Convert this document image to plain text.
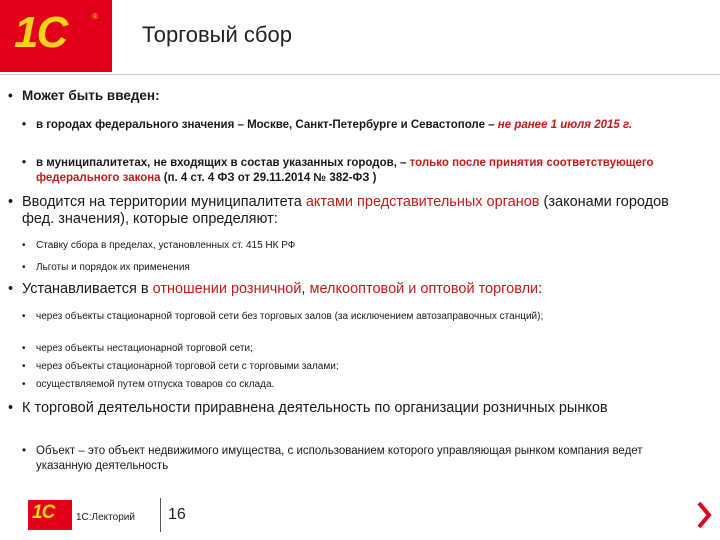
1С	®
Торговый сбор
• Может быть введен:
• в городах федерального значения – Москве, Санкт-Петербурге и Севастополе – не ранее 1 июля 2015 г.
• в муниципалитетах, не входящих в состав указанных городов, – только после принятия соответствующего федерального закона (п. 4 ст. 4 ФЗ от 29.11.2014 № 382-ФЗ )
• Вводится на территории муниципалитета актами представительных органов (законами городов фед. значения), которые определяют:
•	Ставку сбора в пределах, установленных ст. 415 НК РФ
•	Льготы и порядок их применения
• Устанавливается в отношении розничной, мелкооптовой и оптовой торговли:
•	через объекты стационарной торговой сети без торговых залов (за исключением автозаправочных станций);
•	через объекты нестационарной торговой сети;
•	через объекты стационарной торговой сети с торговыми залами;
•	осуществляемой путем отпуска товаров со склада.
• К торговой деятельности приравнена деятельность по организации розничных рынков
• Объект – это объект недвижимого имущества, с использованием которого управляющая рынком компания ведет указанную деятельность
1С 1С:Лекторий 16
